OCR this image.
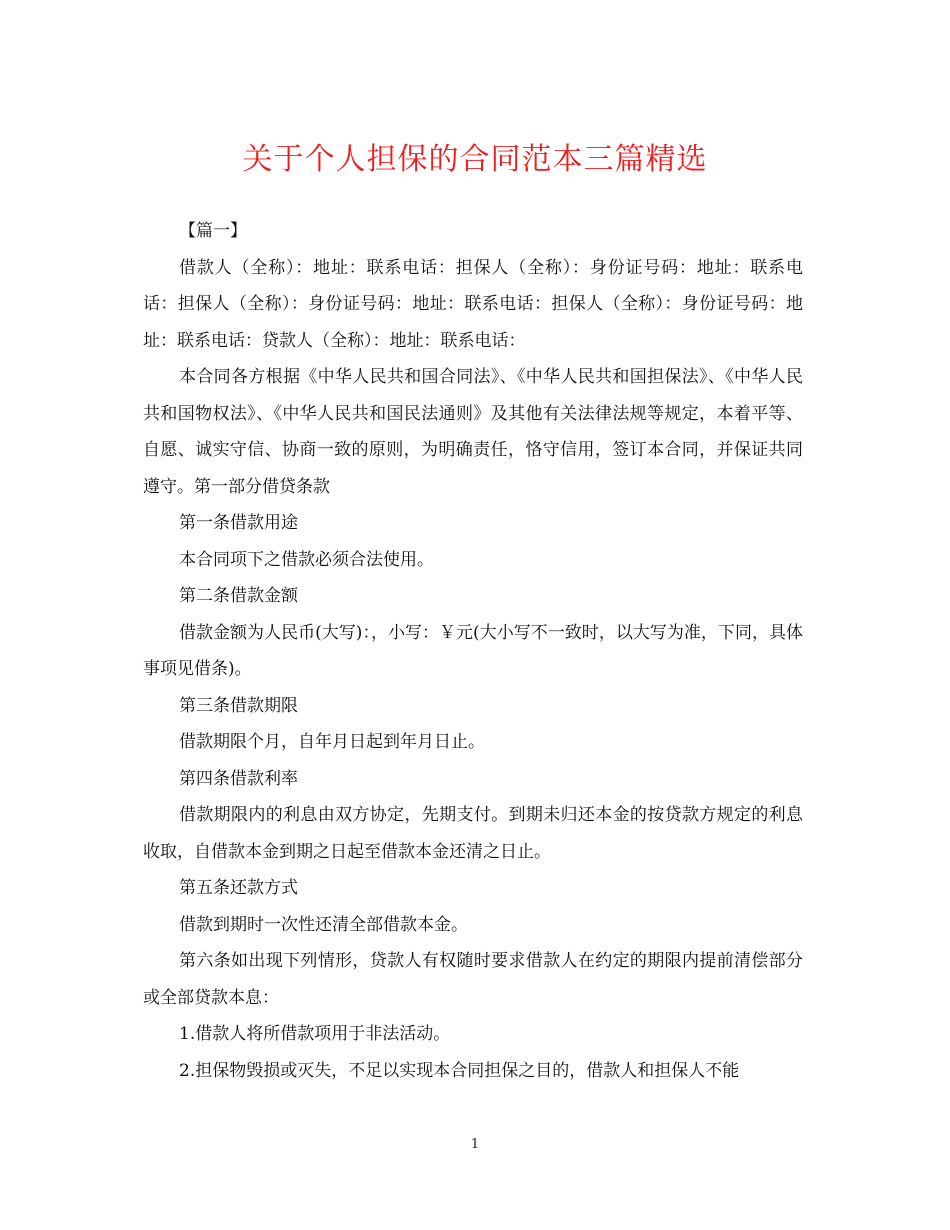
关于个人担保的合同范本三篇精选

【篇一】

借款人（全称）：地址：联系电话：担保人（全称）：身份证号码：地址：联系电话：担保人（全称）：身份证号码：地址：联系电话：担保人（全称）：身份证号码：地址：联系电话：贷款人（全称）：地址：联系电话：

本合同各方根据《中华人民共和国合同法》、《中华人民共和国担保法》、《中华人民共和国物权法》、《中华人民共和国民法通则》及其他有关法律法规等规定，本着平等、自愿、诚实守信、协商一致的原则，为明确责任，恪守信用，签订本合同，并保证共同遵守。第一部分借贷条款

第一条借款用途

本合同项下之借款必须合法使用。

第二条借款金额

借款金额为人民币(大写)：，小写：￥元(大小写不一致时，以大写为准，下同，具体事项见借条)。

第三条借款期限

借款期限个月，自年月日起到年月日止。

第四条借款利率

借款期限内的利息由双方协定，先期支付。到期未归还本金的按贷款方规定的利息收取，自借款本金到期之日起至借款本金还清之日止。

第五条还款方式

借款到期时一次性还清全部借款本金。

第六条如出现下列情形，贷款人有权随时要求借款人在约定的期限内提前清偿部分或全部贷款本息：

1.借款人将所借款项用于非法活动。

2.担保物毁损或灭失，不足以实现本合同担保之目的，借款人和担保人不能

1
